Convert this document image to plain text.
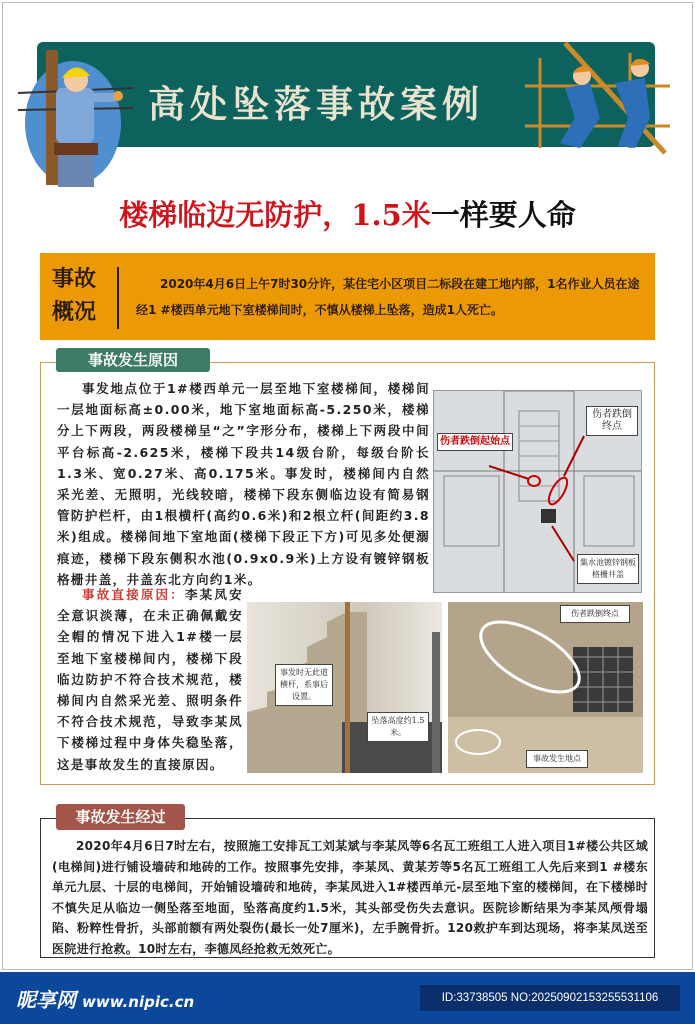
高处坠落事故案例
楼梯临边无防护，1.5米一样要人命
事故概况
2020年4月6日上午7时30分许，某住宅小区项目二标段在建工地内部，1名作业人员在途经1 #楼西单元地下室楼梯间时，不慎从楼梯上坠落，造成1人死亡。
事故发生原因
事发地点位于1#楼西单元一层至地下室楼梯间，楼梯间一层地面标高±0.00米，地下室地面标高-5.250米，楼梯分上下两段，两段楼梯呈“之”字形分布，楼梯上下两段中间平台标高-2.625米，楼梯下段共14级台阶，每级台阶长1.3米、宽0.27米、高0.175米。事发时，楼梯间内自然采光差、无照明，光线较暗，楼梯下段东侧临边设有简易钢管防护栏杆，由1根横杆(高约0.6米)和2根立杆(间距约3.8米)组成。楼梯间地下室地面(楼梯下段正下方)可见多处便溺痕迹，楼梯下段东侧积水池(0.9x0.9米)上方设有镀锌钢板格栅井盖，井盖东北方向约1米。
伤者跌倒起始点
伤者跌倒终点
集水池镀锌钢板格栅井盖
事故直接原因：李某凤安全意识淡薄，在未正确佩戴安全帽的情况下进入1#楼一层至地下室楼梯间内，楼梯下段临边防护不符合技术规范，楼梯间内自然采光差、照明条件不符合技术规范，导致李某凤下楼梯过程中身体失稳坠落，这是事故发生的直接原因。
事发时无此道横杆，系事后设置。
坠落高度约1.5米。
伤者跌倒终点
事故发生地点
事故发生经过
2020年4月6日7时左右，按照施工安排瓦工刘某斌与李某凤等6名瓦工班组工人进入项目1#楼公共区域(电梯间)进行铺设墙砖和地砖的工作。按照事先安排，李某凤、黄某芳等5名瓦工班组工人先后来到1 #楼东单元九层、十层的电梯间，开始铺设墙砖和地砖，李某凤进入1#楼西单元-层至地下室的楼梯间，在下楼梯时不慎失足从临边一侧坠落至地面，坠落高度约1.5米，其头部受伤失去意识。医院诊断结果为李某凤颅骨塌陷、粉粹性骨折，头部前额有两处裂伤(最长一处7厘米)，左手腕骨折。120救护车到达现场，将李某凤送至医院进行抢救。10时左右，李德凤经抢救无效死亡。
昵享网 www.nipic.cn	ID:33738505 NO:20250902153255531106
